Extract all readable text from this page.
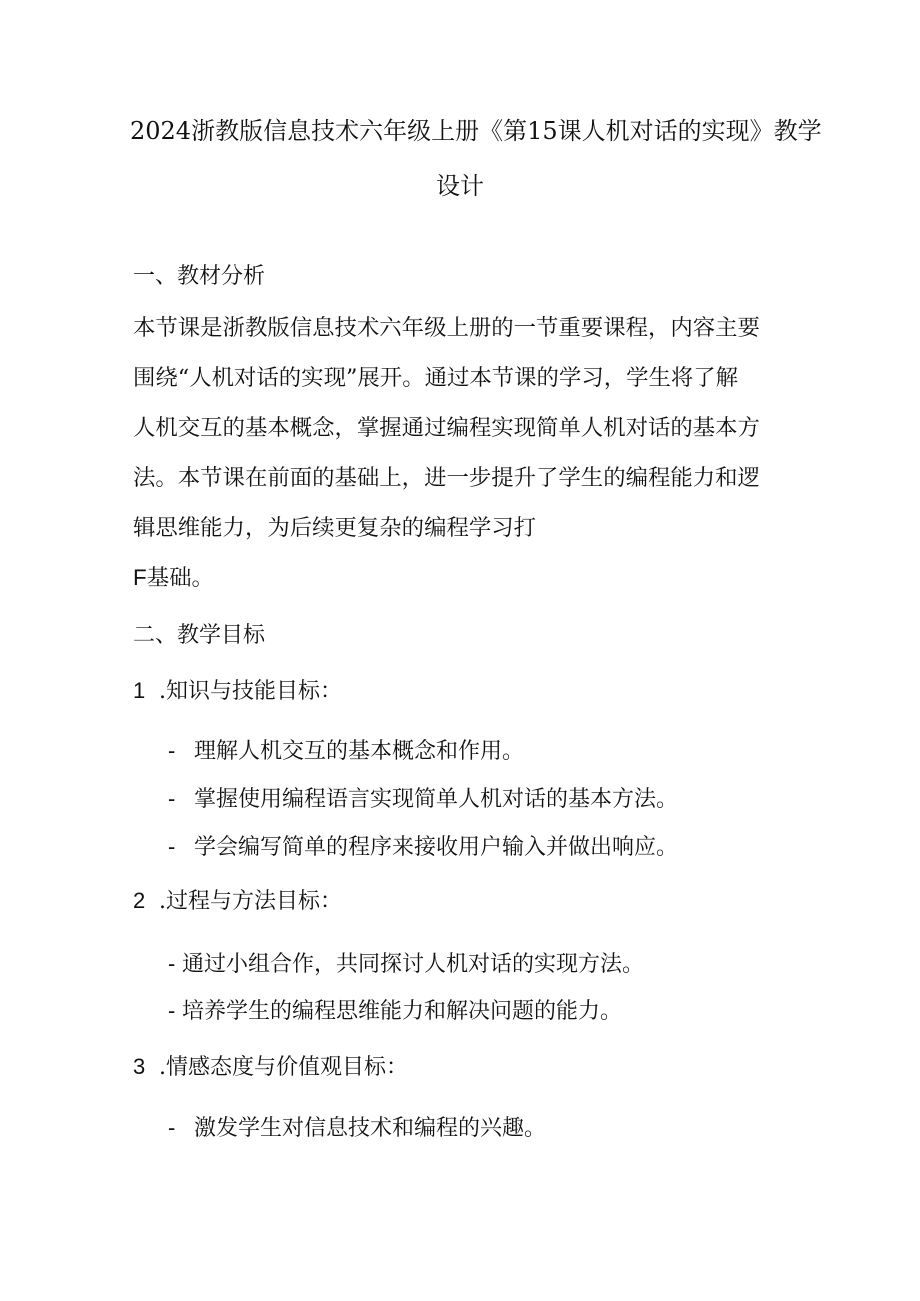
2024浙教版信息技术六年级上册《第15课人机对话的实现》教学
设计
一、教材分析
本节课是浙教版信息技术六年级上册的一节重要课程，内容主要
围绕“人机对话的实现”展开。通过本节课的学习，学生将了解
人机交互的基本概念，掌握通过编程实现简单人机对话的基本方
法。本节课在前面的基础上，进一步提升了学生的编程能力和逻
辑思维能力，为后续更复杂的编程学习打
F基础。
二、教学目标
1 .知识与技能目标：
- 理解人机交互的基本概念和作用。
- 掌握使用编程语言实现简单人机对话的基本方法。
- 学会编写简单的程序来接收用户输入并做出响应。
2 .过程与方法目标：
- 通过小组合作，共同探讨人机对话的实现方法。
- 培养学生的编程思维能力和解决问题的能力。
3 .情感态度与价值观目标：
- 激发学生对信息技术和编程的兴趣。
